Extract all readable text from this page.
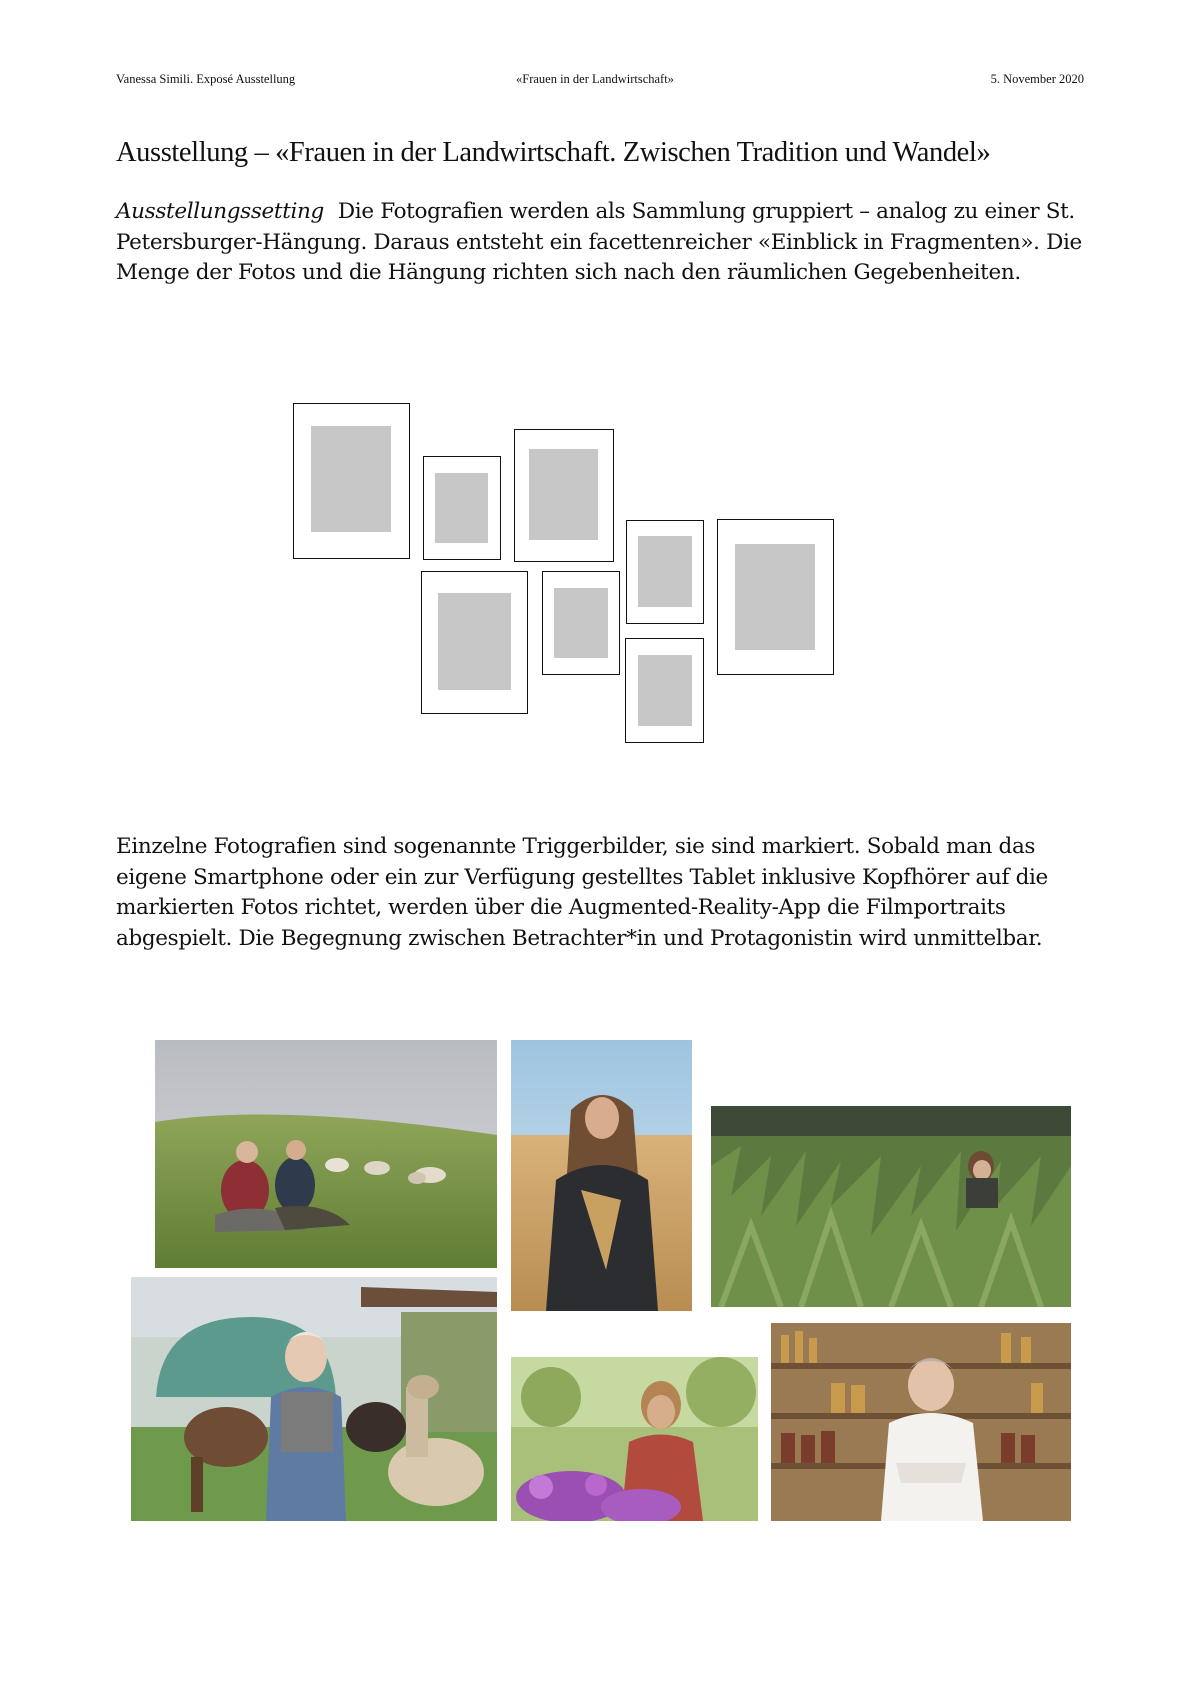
Vanessa Simili. Exposé Ausstellung	«Frauen in der Landwirtschaft»	5. November 2020
Ausstellung – «Frauen in der Landwirtschaft. Zwischen Tradition und Wandel»

Ausstellungssetting Die Fotografien werden als Sammlung gruppiert – analog zu einer St. Petersburger-Hängung. Daraus entsteht ein facettenreicher «Einblick in Fragmenten». Die Menge der Fotos und die Hängung richten sich nach den räumlichen Gegebenheiten.

Einzelne Fotografien sind sogenannte Triggerbilder, sie sind markiert. Sobald man das eigene Smartphone oder ein zur Verfügung gestelltes Tablet inklusive Kopfhörer auf die markierten Fotos richtet, werden über die Augmented-Reality-App die Filmportraits abgespielt. Die Begegnung zwischen Betrachter*in und Protagonistin wird unmittelbar.
